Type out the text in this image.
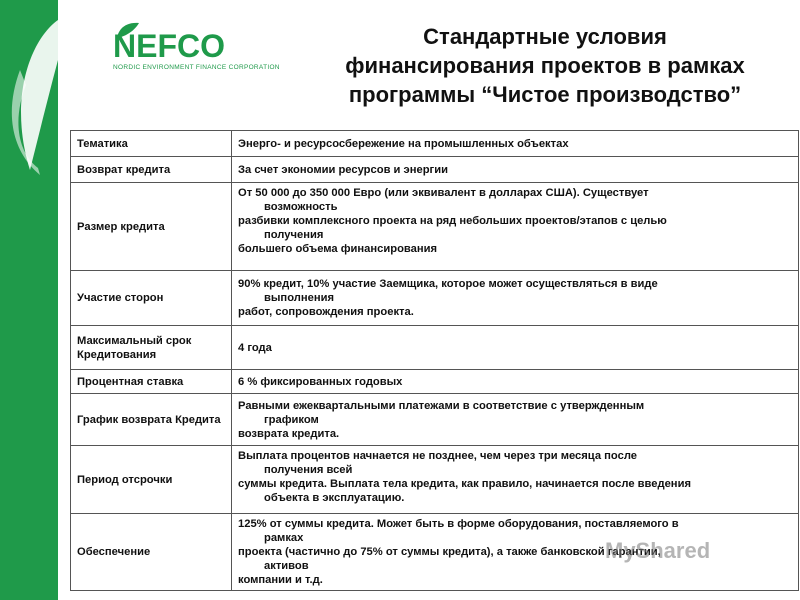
NEFCO
NORDIC ENVIRONMENT FINANCE CORPORATION
Стандартные условия
финансирования проектов в рамках
программы “Чистое производство”
Тематика	Энерго- и ресурсосбережение на промышленных объектах

Возврат кредита	За счет экономии ресурсов и энергии

Размер кредита	От 50 000 до 350 000 Евро (или эквивалент в долларах США). Существует
возможность
разбивки комплексного проекта на ряд небольших проектов/этапов с целью
получения
большего объема финансирования

Участие сторон	90% кредит, 10% участие Заемщика, которое может осуществляться в виде
выполнения
работ, сопровождения проекта.

Максимальный срок Кредитования	4 года

Процентная ставка	6 % фиксированных годовых

График возврата Кредита	Равными ежеквартальными платежами в соответствие с утвержденным
графиком
возврата кредита.

Период отсрочки	Выплата процентов начнается не позднее, чем через три месяца после
получения всей
суммы кредита. Выплата тела кредита, как правило, начинается после введения
объекта в эксплуатацию.

Обеспечение	125% от суммы кредита. Может быть в форме оборудования, поставляемого в
рамках
проекта (частично до 75% от суммы кредита), а также банковской гарантии,
активов
компании и т.д.
MyShared
